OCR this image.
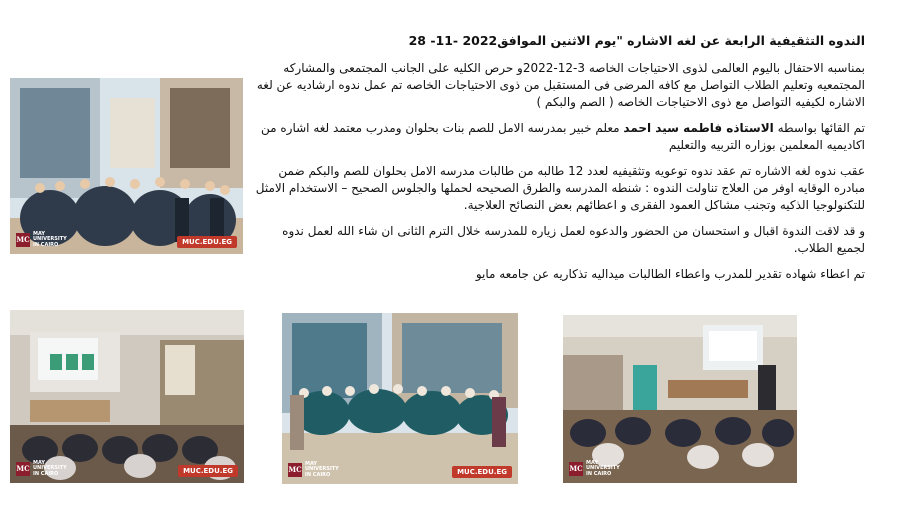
الندوه التثقيفية الرابعة عن لغه الاشاره "يوم الاثنين الموافق28 -11- 2022

بمناسبه الاحتفال باليوم العالمى لذوى الاحتياجات الخاصه 3-12-2022و حرص الكليه على الجانب المجتمعى والمشاركه المجتمعيه وتعليم الطلاب التواصل مع كافه المرضى فى المستقبل من ذوى الاحتياجات الخاصه تم عمل ندوه ارشاديه عن لغه الاشاره لكيفيه التواصل مع ذوى الاحتياجات الخاصه ( الصم والبكم )

تم القائها بواسطه الاستاذه فاطمه سيد احمد معلم خبير بمدرسه الامل للصم بنات بحلوان ومدرب معتمد لغه اشاره من اكاديميه المعلمين بوزاره التربيه والتعليم

عقب ندوه لغه الاشاره تم عقد ندوه توعويه وتثقيفيه لعدد 12 طالبه من طالبات مدرسه الامل بحلوان للصم والبكم ضمن مبادره الوقايه اوفر من العلاج تناولت الندوه : شنطه المدرسه والطرق الصحيحه لحملها والجلوس الصحيح – الاستخدام الامثل للتكنولوجيا الذكيه وتجنب مشاكل العمود الفقرى و اعطائهم بعض النصائح العلاجية.

و قد لاقت الندوة اقبال و استحسان من الحضور والدعوه لعمل زياره للمدرسه خلال الترم الثانى ان شاء الله لعمل ندوه لجميع الطلاب.

تم اعطاء شهاده تقدير للمدرب واعطاء الطالبات ميداليه تذكاريه عن جامعه مايو

MC
MAY UNIVERSITY IN CAIRO	MUC.EDU.EG
MC
MAY UNIVERSITY IN CAIRO	MUC.EDU.EG	MC
MAY UNIVERSITY IN CAIRO	MUC.EDU.EG	MC
MAY UNIVERSITY IN CAIRO
